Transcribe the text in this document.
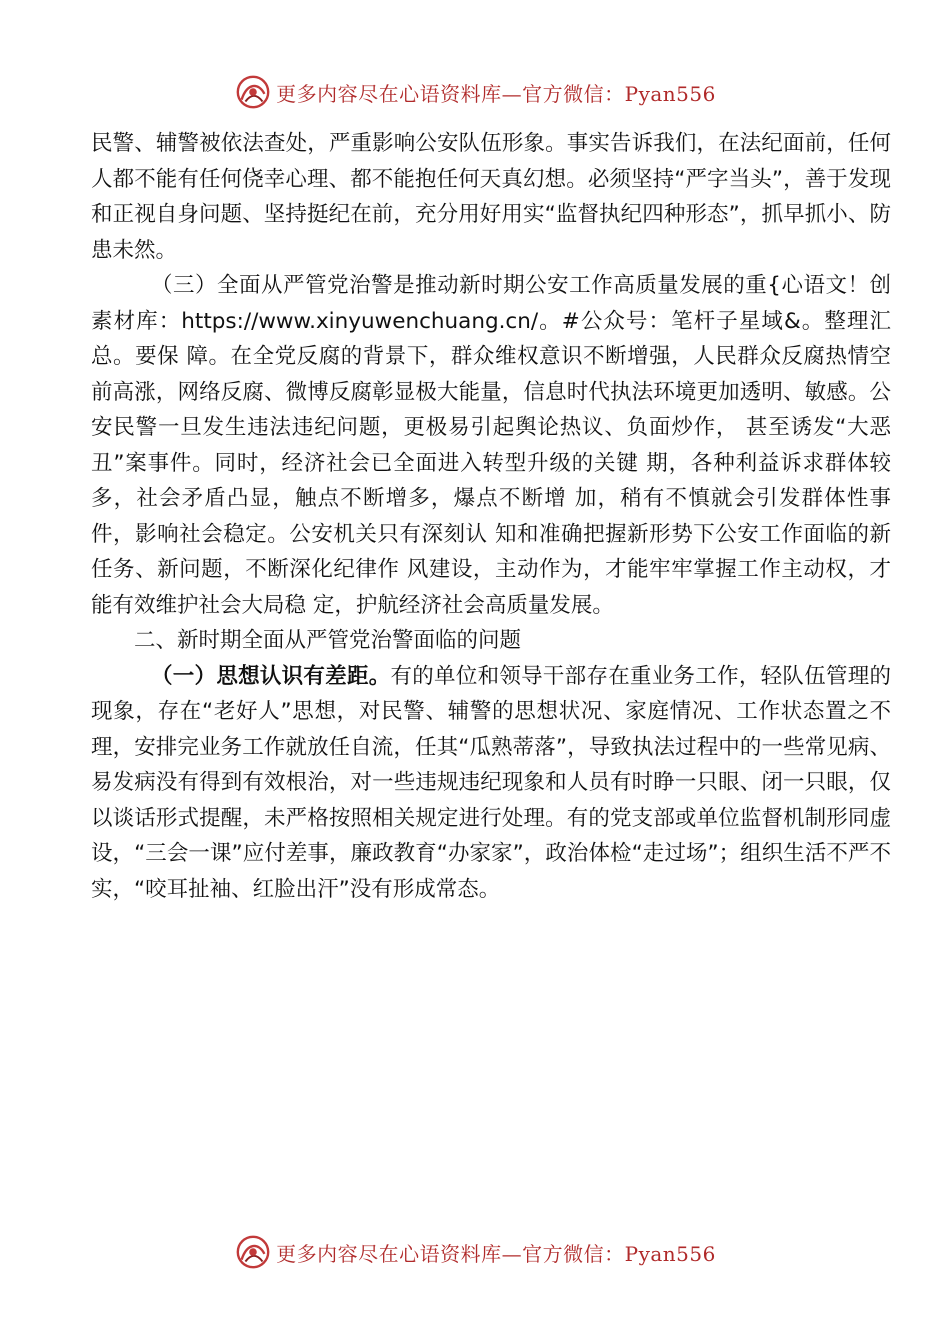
更多内容尽在心语资料库—官方微信：Pyan556

民警、辅警被依法查处，严重影响公安队伍形象。事实告诉我们，在法纪面前，任何人都不能有任何侥幸心理、都不能抱任何天真幻想。必须坚持“严字当头”，善于发现和正视自身问题、坚持挺纪在前，充分用好用实“监督执纪四种形态”，抓早抓小、防患未然。

（三）全面从严管党治警是推动新时期公安工作高质量发展的重{心语文！创素材库：https://www.xinyuwenchuang.cn/。#公众号：笔杆子星域&。整理汇总。要保 障。在全党反腐的背景下，群众维权意识不断增强，人民群众反腐热情空 前高涨，网络反腐、微博反腐彰显极大能量，信息时代执法环境更加透明、敏感。公安民警一旦发生违法违纪问题，更极易引起舆论热议、负面炒作， 甚至诱发“大恶丑”案事件。同时，经济社会已全面进入转型升级的关键 期，各种利益诉求群体较多，社会矛盾凸显，触点不断增多，爆点不断增 加，稍有不慎就会引发群体性事件，影响社会稳定。公安机关只有深刻认 知和准确把握新形势下公安工作面临的新任务、新问题，不断深化纪律作 风建设，主动作为，才能牢牢掌握工作主动权，才能有效维护社会大局稳 定，护航经济社会高质量发展。

二、新时期全面从严管党治警面临的问题

（一）思想认识有差距。有的单位和领导干部存在重业务工作，轻队伍管理的现象，存在“老好人”思想，对民警、辅警的思想状况、家庭情况、工作状态置之不理，安排完业务工作就放任自流，任其“瓜熟蒂落”，导致执法过程中的一些常见病、易发病没有得到有效根治，对一些违规违纪现象和人员有时睁一只眼、闭一只眼，仅以谈话形式提醒，未严格按照相关规定进行处理。有的党支部或单位监督机制形同虚设，“三会一课”应付差事，廉政教育“办家家”，政治体检“走过场”；组织生活不严不实，“咬耳扯袖、红脸出汗”没有形成常态。

更多内容尽在心语资料库—官方微信：Pyan556
